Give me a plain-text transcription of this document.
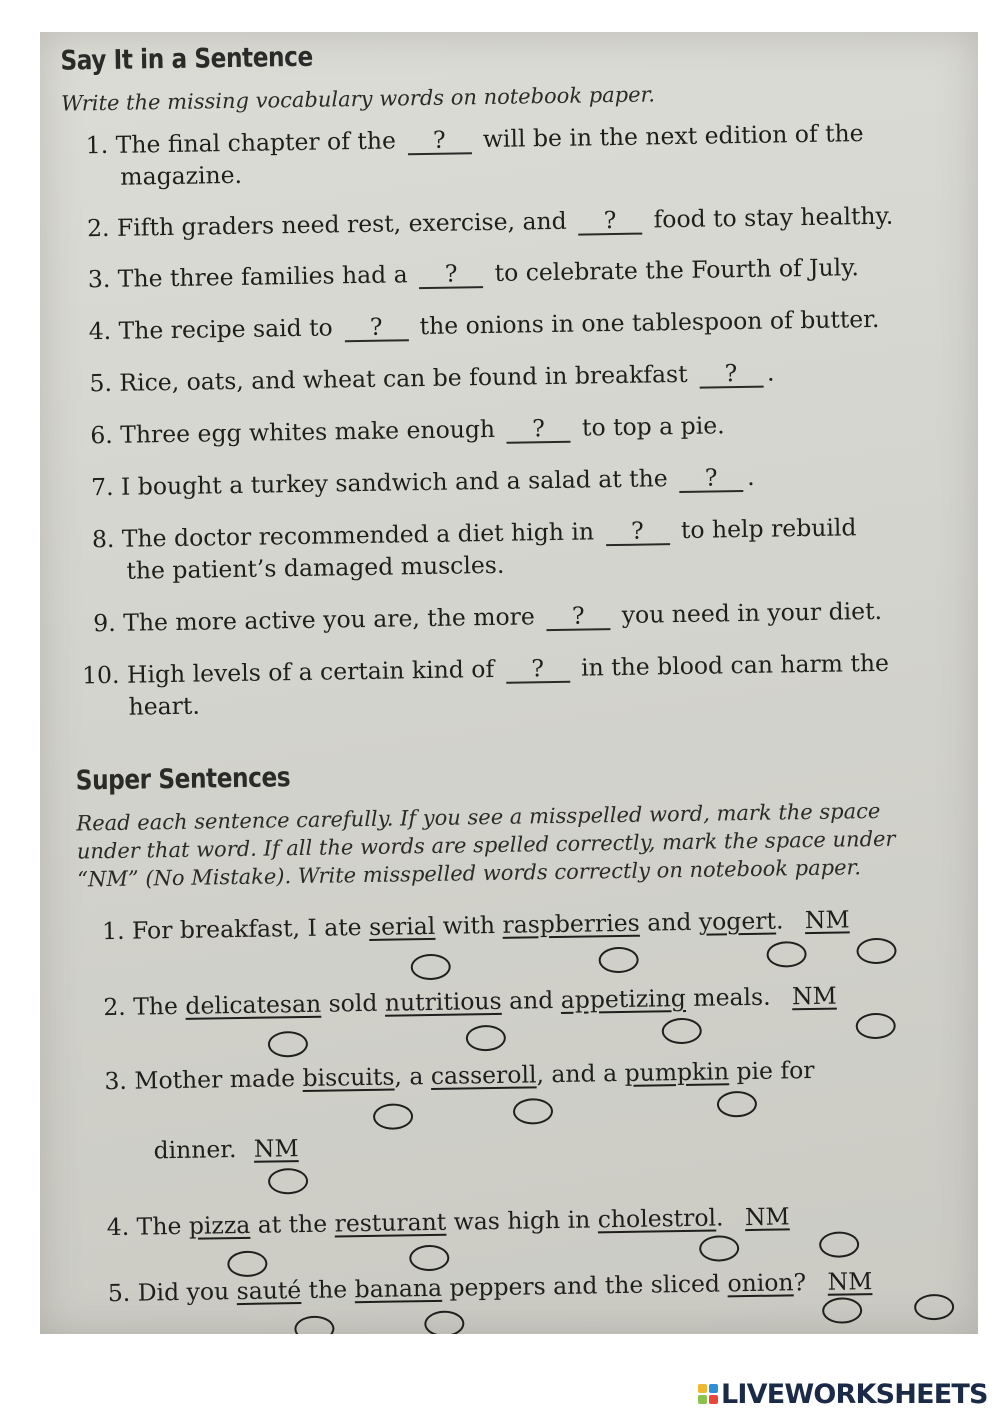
Say It in a Sentence
Write the missing vocabulary words on notebook paper.
1. The final chapter of the ? will be in the next edition of the
magazine.
2. Fifth graders need rest, exercise, and ? food to stay healthy.
3. The three families had a ? to celebrate the Fourth of July.
4. The recipe said to ? the onions in one tablespoon of butter.
5. Rice, oats, and wheat can be found in breakfast ? .
6. Three egg whites make enough ? to top a pie.
7. I bought a turkey sandwich and a salad at the ? .
8. The doctor recommended a diet high in ? to help rebuild
the patient’s damaged muscles.
9. The more active you are, the more ? you need in your diet.
10. High levels of a certain kind of ? in the blood can harm the
heart.
Super Sentences
Read each sentence carefully. If you see a misspelled word, mark the space
under that word. If all the words are spelled correctly, mark the space under
“NM” (No Mistake). Write misspelled words correctly on notebook paper.
1. For breakfast, I ate serial with raspberries and yogert. NM
2. The delicatesan sold nutritious and appetizing meals. NM
3. Mother made biscuits, a casseroll, and a pumpkin pie for
dinner. NM
4. The pizza at the resturant was high in cholestrol. NM
5. Did you sauté the banana peppers and the sliced onion? NM
LIVEWORKSHEETS
